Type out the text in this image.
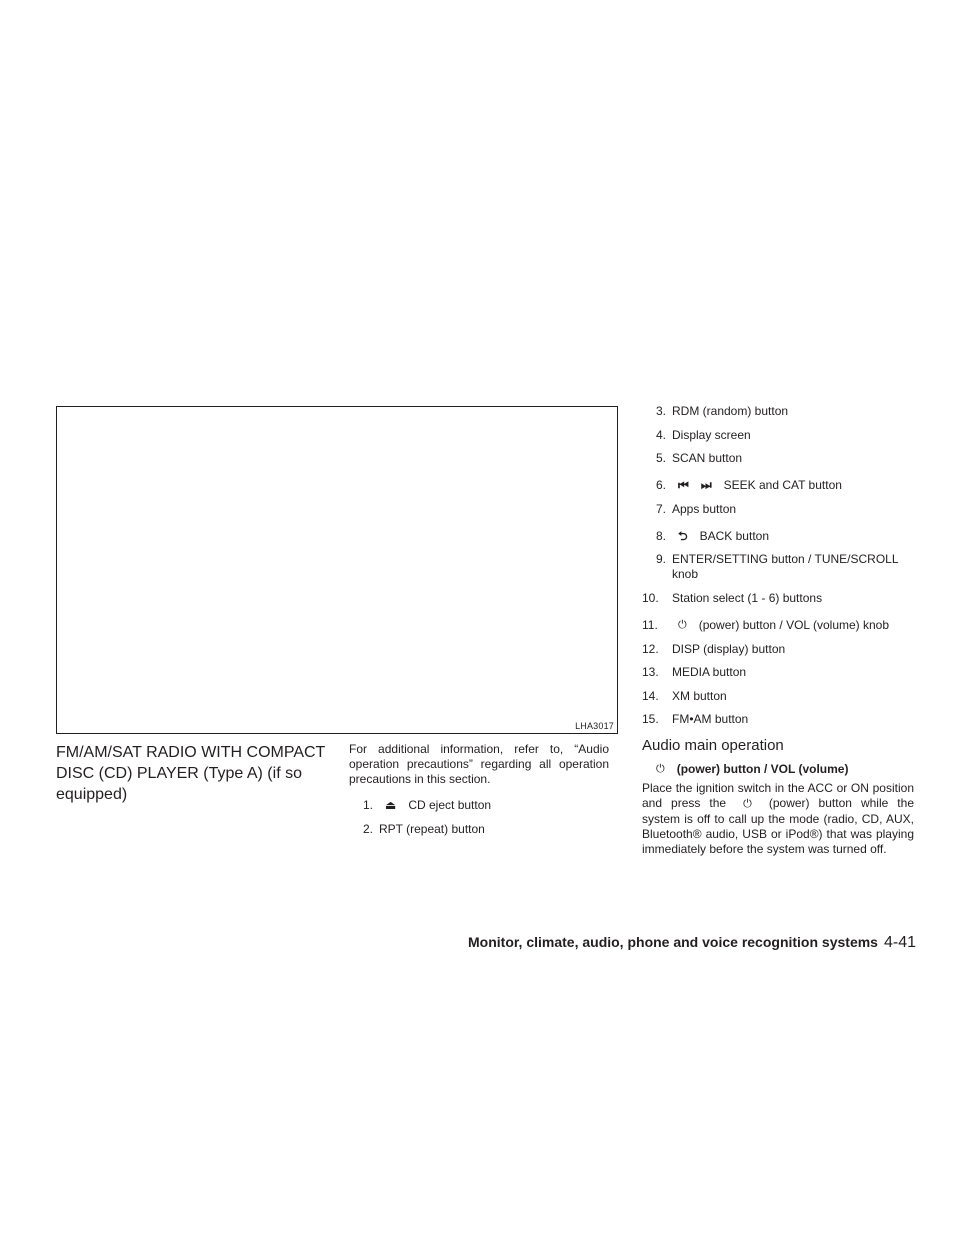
LHA3017
FM/AM/SAT RADIO WITH COMPACT DISC (CD) PLAYER (Type A) (if so equipped)

For additional information, refer to, “Audio operation precautions” regarding all operation precautions in this section.

1.	⏏ CD eject button
2. RPT (repeat) button
3. RDM (random) button
4. Display screen
5. SCAN button
6.	⏮ ⏭ SEEK and CAT button
7. Apps button
8.	⮌ BACK button
9. ENTER/SETTING button / TUNE/SCROLL knob
10.	Station select (1 - 6) buttons
11.	⏻ (power) button / VOL (volume) knob
12.	DISP (display) button
13.	MEDIA button
14.	XM button
15.	FM•AM button
Audio main operation
⏻ (power) button / VOL (volume)

Place the ignition switch in the ACC or ON position and press the ⏻ (power) button while the system is off to call up the mode (radio, CD, AUX, Bluetooth® audio, USB or iPod®) that was playing immediately before the system was turned off.

Monitor, climate, audio, phone and voice recognition systems 4-41
